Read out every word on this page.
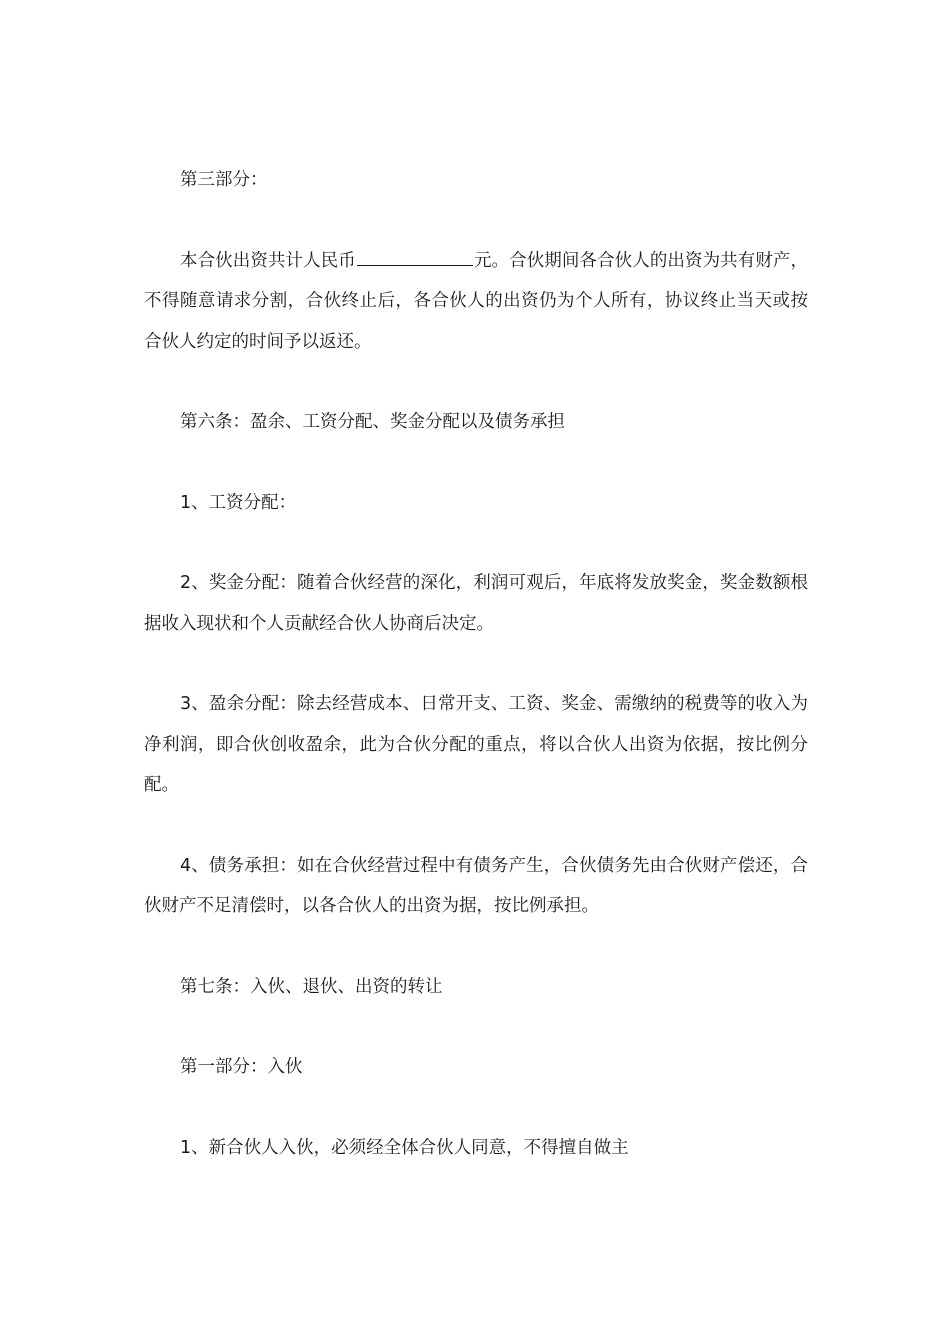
第三部分：

本合伙出资共计人民币	元。合伙期间各合伙人的出资为共有财产，不得随意请求分割，合伙终止后，各合伙人的出资仍为个人所有，协议终止当天或按合伙人约定的时间予以返还。

第六条：盈余、工资分配、奖金分配以及债务承担

1、工资分配：

2、奖金分配：随着合伙经营的深化，利润可观后，年底将发放奖金，奖金数额根据收入现状和个人贡献经合伙人协商后决定。

3、盈余分配：除去经营成本、日常开支、工资、奖金、需缴纳的税费等的收入为净利润，即合伙创收盈余，此为合伙分配的重点，将以合伙人出资为依据，按比例分配。

4、债务承担：如在合伙经营过程中有债务产生，合伙债务先由合伙财产偿还，合伙财产不足清偿时，以各合伙人的出资为据，按比例承担。

第七条：入伙、退伙、出资的转让

第一部分：入伙

1、新合伙人入伙，必须经全体合伙人同意，不得擅自做主
